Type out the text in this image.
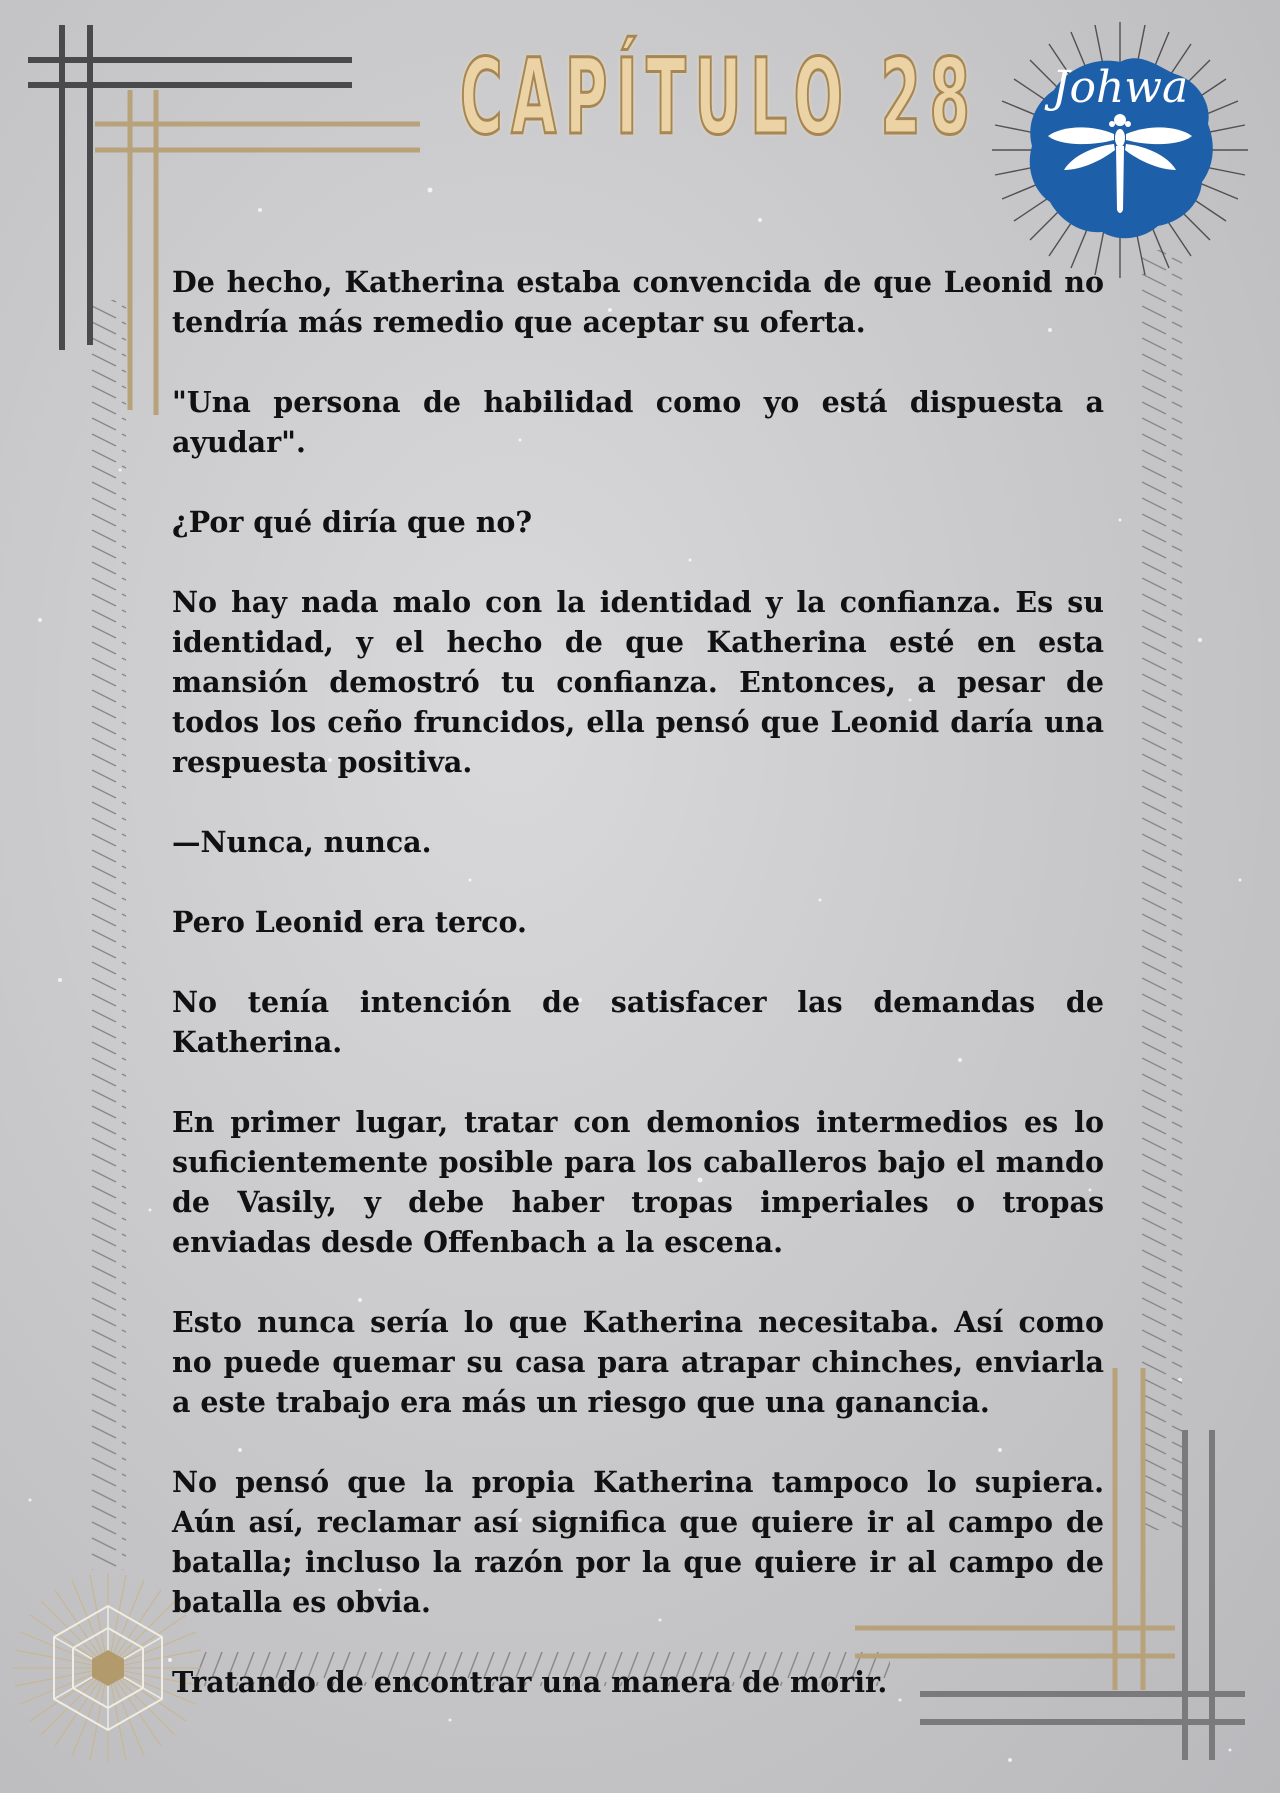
CAPÍTULO 28	Johwa

De hecho, Katherina estaba convencida de que Leonid no tendría más remedio que aceptar su oferta.

"Una persona de habilidad como yo está dispuesta a ayudar".

¿Por qué diría que no?

No hay nada malo con la identidad y la confianza. Es su identidad, y el hecho de que Katherina esté en esta mansión demostró tu confianza. Entonces, a pesar de todos los ceño fruncidos, ella pensó que Leonid daría una respuesta positiva.

—Nunca, nunca.

Pero Leonid era terco.

No tenía intención de satisfacer las demandas de Katherina.

En primer lugar, tratar con demonios intermedios es lo suficientemente posible para los caballeros bajo el mando de Vasily, y debe haber tropas imperiales o tropas enviadas desde Offenbach a la escena.

Esto nunca sería lo que Katherina necesitaba. Así como no puede quemar su casa para atrapar chinches, enviarla a este trabajo era más un riesgo que una ganancia.

No pensó que la propia Katherina tampoco lo supiera. Aún así, reclamar así significa que quiere ir al campo de batalla; incluso la razón por la que quiere ir al campo de batalla es obvia.

Tratando de encontrar una manera de morir.
